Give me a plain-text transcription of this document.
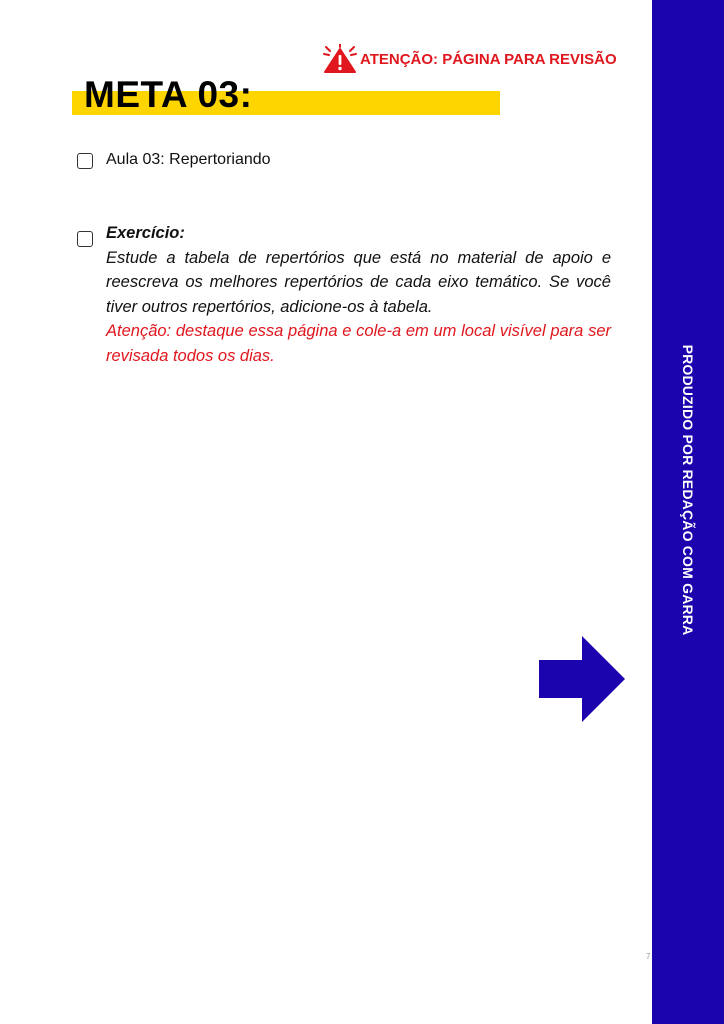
ATENÇÃO: PÁGINA PARA REVISÃO
META 03:
Aula 03: Repertoriando

Exercício:

Estude a tabela de repertórios que está no material de apoio e reescreva os melhores repertórios de cada eixo temático. Se você tiver outros repertórios, adicione-os à tabela.

Atenção: destaque essa página e cole-a em um local visível para ser revisada todos os dias.	PRODUZIDO POR REDAÇÃO COM GARRA
7
